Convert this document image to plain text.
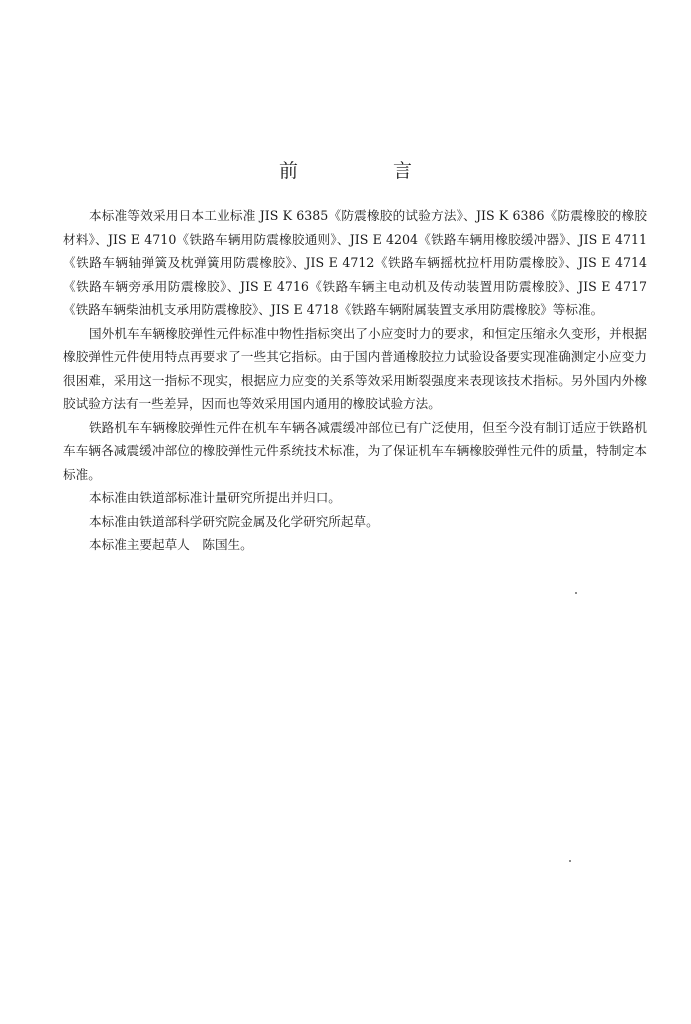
前　言

本标准等效采用日本工业标准 JIS K 6385《防震橡胶的试验方法》、JIS K 6386《防震橡胶的橡胶材料》、JIS E 4710《铁路车辆用防震橡胶通则》、JIS E 4204《铁路车辆用橡胶缓冲器》、JIS E 4711《铁路车辆轴弹簧及枕弹簧用防震橡胶》、JIS E 4712《铁路车辆摇枕拉杆用防震橡胶》、JIS E 4714《铁路车辆旁承用防震橡胶》、JIS E 4716《铁路车辆主电动机及传动装置用防震橡胶》、JIS E 4717《铁路车辆柴油机支承用防震橡胶》、JIS E 4718《铁路车辆附属装置支承用防震橡胶》等标准。

国外机车车辆橡胶弹性元件标准中物性指标突出了小应变时力的要求，和恒定压缩永久变形，并根据橡胶弹性元件使用特点再要求了一些其它指标。由于国内普通橡胶拉力试验设备要实现准确测定小应变力很困难，采用这一指标不现实，根据应力应变的关系等效采用断裂强度来表现该技术指标。另外国内外橡胶试验方法有一些差异，因而也等效采用国内通用的橡胶试验方法。

铁路机车车辆橡胶弹性元件在机车车辆各减震缓冲部位已有广泛使用，但至今没有制订适应于铁路机车车辆各减震缓冲部位的橡胶弹性元件系统技术标准，为了保证机车车辆橡胶弹性元件的质量，特制定本标准。

本标准由铁道部标准计量研究所提出并归口。

本标准由铁道部科学研究院金属及化学研究所起草。

本标准主要起草人　陈国生。
